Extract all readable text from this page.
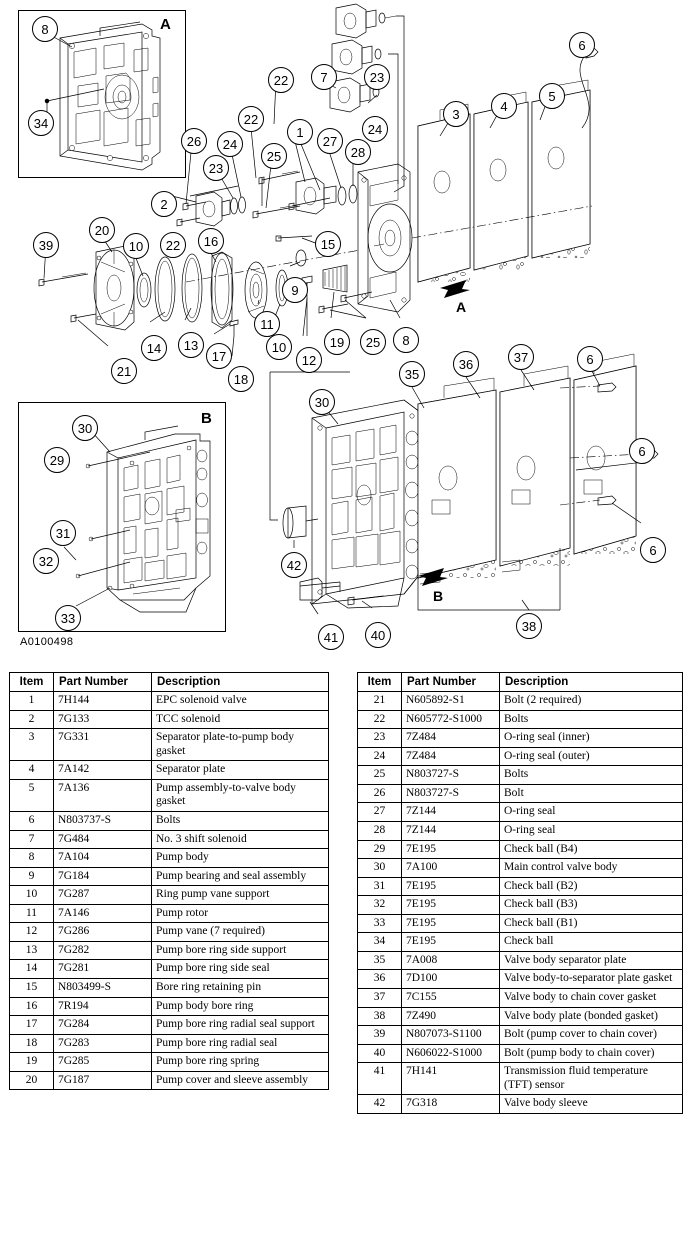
A
B
A
B
A0100498
8
34
30
29
31
32
33
22	7	23
24
3
4
5
6
26	24
23
22
25
1
27
28
2
39
20
10	22	16	15
9
11
10
12
19	25	8
14	13
17
18
21	35
36	37	6
6
6
30
42
41	40
38
Item	Part Number	Description
1	7H144	EPC solenoid valve
2	7G133	TCC solenoid
3	7G331	Separator plate-to-pump body gasket
4	7A142	Separator plate
5	7A136	Pump assembly-to-valve body gasket
6	N803737-S	Bolts
7	7G484	No. 3 shift solenoid
8	7A104	Pump body
9	7G184	Pump bearing and seal assembly
10	7G287	Ring pump vane support
11	7A146	Pump rotor
12	7G286	Pump vane (7 required)
13	7G282	Pump bore ring side support
14	7G281	Pump bore ring side seal
15	N803499-S	Bore ring retaining pin
16	7R194	Pump body bore ring
17	7G284	Pump bore ring radial seal support
18	7G283	Pump bore ring radial seal
19	7G285	Pump bore ring spring
20	7G187	Pump cover and sleeve assembly
Item	Part Number	Description
21	N605892-S1	Bolt (2 required)
22	N605772-S1000	Bolts
23	7Z484	O-ring seal (inner)
24	7Z484	O-ring seal (outer)
25	N803727-S	Bolts
26	N803727-S	Bolt
27	7Z144	O-ring seal
28	7Z144	O-ring seal
29	7E195	Check ball (B4)
30	7A100	Main control valve body
31	7E195	Check ball (B2)
32	7E195	Check ball (B3)
33	7E195	Check ball (B1)
34	7E195	Check ball
35	7A008	Valve body separator plate
36	7D100	Valve body-to-separator plate gasket
37	7C155	Valve body to chain cover gasket
38	7Z490	Valve body plate (bonded gasket)
39	N807073-S1100	Bolt (pump cover to chain cover)
40	N606022-S1000	Bolt (pump body to chain cover)
41	7H141	Transmission fluid temperature (TFT) sensor
42	7G318	Valve body sleeve
